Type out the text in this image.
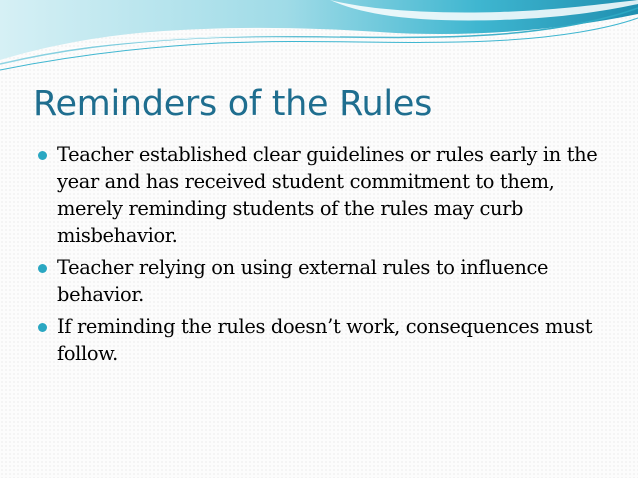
Reminders of the Rules
Teacher established clear guidelines or rules early in the year and has received student commitment to them, merely reminding students of the rules may curb misbehavior.
Teacher relying on using external rules to influence behavior.
If reminding the rules doesn’t work, consequences must follow.
